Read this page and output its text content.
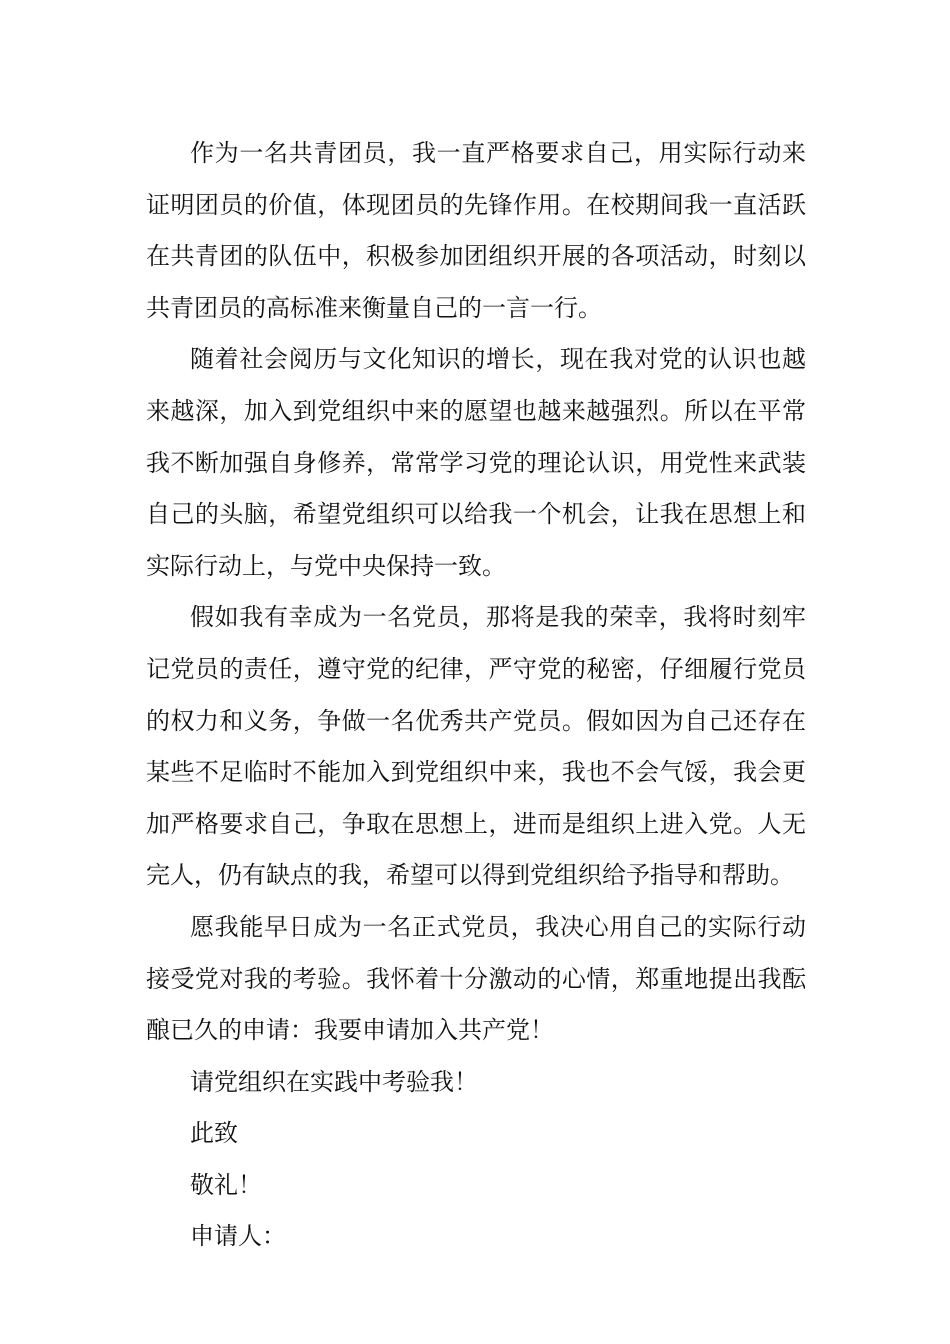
作为一名共青团员，我一直严格要求自己，用实际行动来证明团员的价值，体现团员的先锋作用。在校期间我一直活跃在共青团的队伍中，积极参加团组织开展的各项活动，时刻以共青团员的高标准来衡量自己的一言一行。

随着社会阅历与文化知识的增长，现在我对党的认识也越来越深，加入到党组织中来的愿望也越来越强烈。所以在平常我不断加强自身修养，常常学习党的理论认识，用党性来武装自己的头脑，希望党组织可以给我一个机会，让我在思想上和实际行动上，与党中央保持一致。

假如我有幸成为一名党员，那将是我的荣幸，我将时刻牢记党员的责任，遵守党的纪律，严守党的秘密，仔细履行党员的权力和义务，争做一名优秀共产党员。假如因为自己还存在某些不足临时不能加入到党组织中来，我也不会气馁，我会更加严格要求自己，争取在思想上，进而是组织上进入党。人无完人，仍有缺点的我，希望可以得到党组织给予指导和帮助。

愿我能早日成为一名正式党员，我决心用自己的实际行动接受党对我的考验。我怀着十分激动的心情，郑重地提出我酝酿已久的申请：我要申请加入共产党！

请党组织在实践中考验我！

此致

敬礼！

申请人：
